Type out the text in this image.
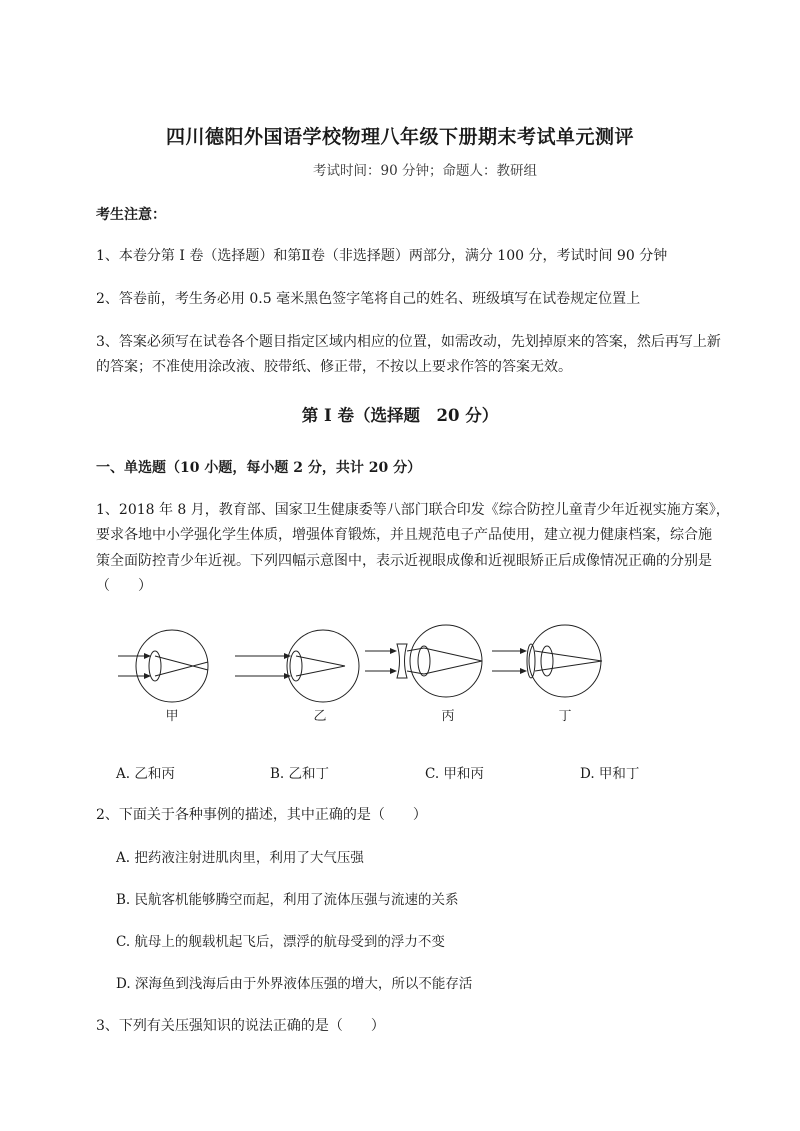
四川德阳外国语学校物理八年级下册期末考试单元测评
考试时间：90 分钟；命题人：教研组
考生注意：
1、本卷分第 I 卷（选择题）和第Ⅱ卷（非选择题）两部分，满分 100 分，考试时间 90 分钟
2、答卷前，考生务必用 0.5 毫米黑色签字笔将自己的姓名、班级填写在试卷规定位置上
3、答案必须写在试卷各个题目指定区域内相应的位置，如需改动，先划掉原来的答案，然后再写上新
的答案；不准使用涂改液、胶带纸、修正带，不按以上要求作答的答案无效。
第 I 卷（选择题　20 分）
一、单选题（10 小题，每小题 2 分，共计 20 分）
1、2018 年 8 月，教育部、国家卫生健康委等八部门联合印发《综合防控儿童青少年近视实施方案》，
要求各地中小学强化学生体质，增强体育锻炼，并且规范电子产品使用，建立视力健康档案，综合施
策全面防控青少年近视。下列四幅示意图中，表示近视眼成像和近视眼矫正后成像情况正确的分别是
（　　）
甲	乙	丙	丁
A. 乙和丙	B. 乙和丁	C. 甲和丙	D. 甲和丁
2、下面关于各种事例的描述，其中正确的是（　　）
A. 把药液注射进肌肉里，利用了大气压强
B. 民航客机能够腾空而起，利用了流体压强与流速的关系
C. 航母上的舰载机起飞后，漂浮的航母受到的浮力不变
D. 深海鱼到浅海后由于外界液体压强的增大，所以不能存活
3、下列有关压强知识的说法正确的是（　　）
